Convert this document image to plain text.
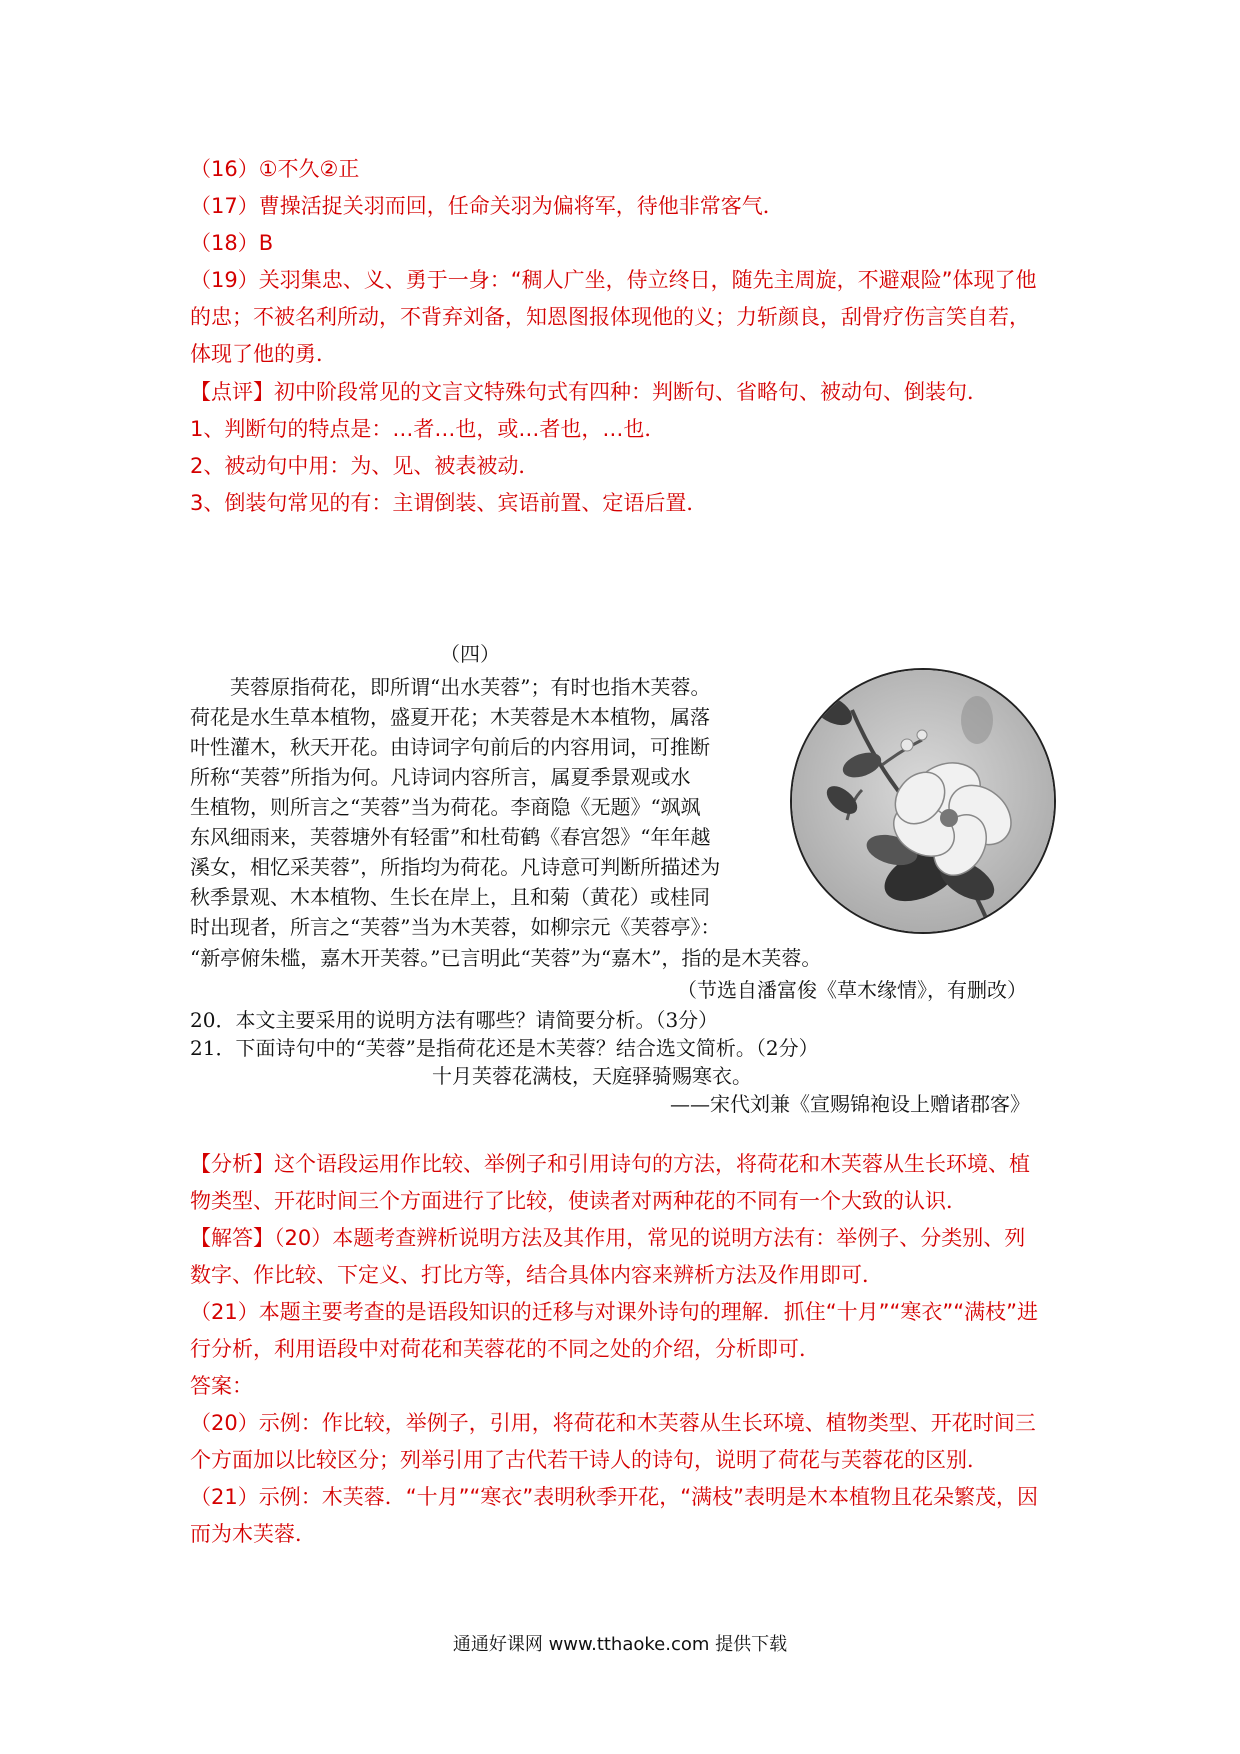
（16）①不久②正
（17）曹操活捉关羽而回，任命关羽为偏将军，待他非常客气．
（18）B
（19）关羽集忠、义、勇于一身：“稠人广坐，侍立终日，随先主周旋，不避艰险”体现了他
的忠；不被名利所动，不背弃刘备，知恩图报体现他的义；力斩颜良，刮骨疗伤言笑自若，
体现了他的勇．
【点评】初中阶段常见的文言文特殊句式有四种：判断句、省略句、被动句、倒装句．
1、判断句的特点是：…者…也，或…者也，…也．
2、被动句中用：为、见、被表被动．
3、倒装句常见的有：主谓倒装、宾语前置、定语后置．
（四）

　　芙蓉原指荷花，即所谓“出水芙蓉”；有时也指木芙蓉。

荷花是水生草本植物，盛夏开花；木芙蓉是木本植物，属落

叶性灌木，秋天开花。由诗词字句前后的内容用词，可推断

所称“芙蓉”所指为何。凡诗词内容所言，属夏季景观或水

生植物，则所言之“芙蓉”当为荷花。李商隐《无题》“飒飒

东风细雨来，芙蓉塘外有轻雷”和杜荀鹤《春宫怨》“年年越

溪女，相忆采芙蓉”，所指均为荷花。凡诗意可判断所描述为

秋季景观、木本植物、生长在岸上，且和菊（黄花）或桂同

时出现者，所言之“芙蓉”当为木芙蓉，如柳宗元《芙蓉亭》：

“新亭俯朱槛，嘉木开芙蓉。”已言明此“芙蓉”为“嘉木”，指的是木芙蓉。
（节选自潘富俊《草木缘情》，有删改）
20．本文主要采用的说明方法有哪些？请简要分析。（3分）
21．下面诗句中的“芙蓉”是指荷花还是木芙蓉？结合选文简析。（2分）
十月芙蓉花满枝，天庭驿骑赐寒衣。
——宋代刘兼《宣赐锦袍设上赠诸郡客》
【分析】这个语段运用作比较、举例子和引用诗句的方法，将荷花和木芙蓉从生长环境、植
物类型、开花时间三个方面进行了比较，使读者对两种花的不同有一个大致的认识．
【解答】（20）本题考查辨析说明方法及其作用，常见的说明方法有：举例子、分类别、列
数字、作比较、下定义、打比方等，结合具体内容来辨析方法及作用即可．
（21）本题主要考查的是语段知识的迁移与对课外诗句的理解．抓住“十月”“寒衣”“满枝”进
行分析，利用语段中对荷花和芙蓉花的不同之处的介绍，分析即可．
答案：
（20）示例：作比较，举例子，引用，将荷花和木芙蓉从生长环境、植物类型、开花时间三
个方面加以比较区分；列举引用了古代若干诗人的诗句，说明了荷花与芙蓉花的区别．
（21）示例：木芙蓉．“十月”“寒衣”表明秋季开花，“满枝”表明是木本植物且花朵繁茂，因
而为木芙蓉．
通通好课网 www.tthaoke.com 提供下载
